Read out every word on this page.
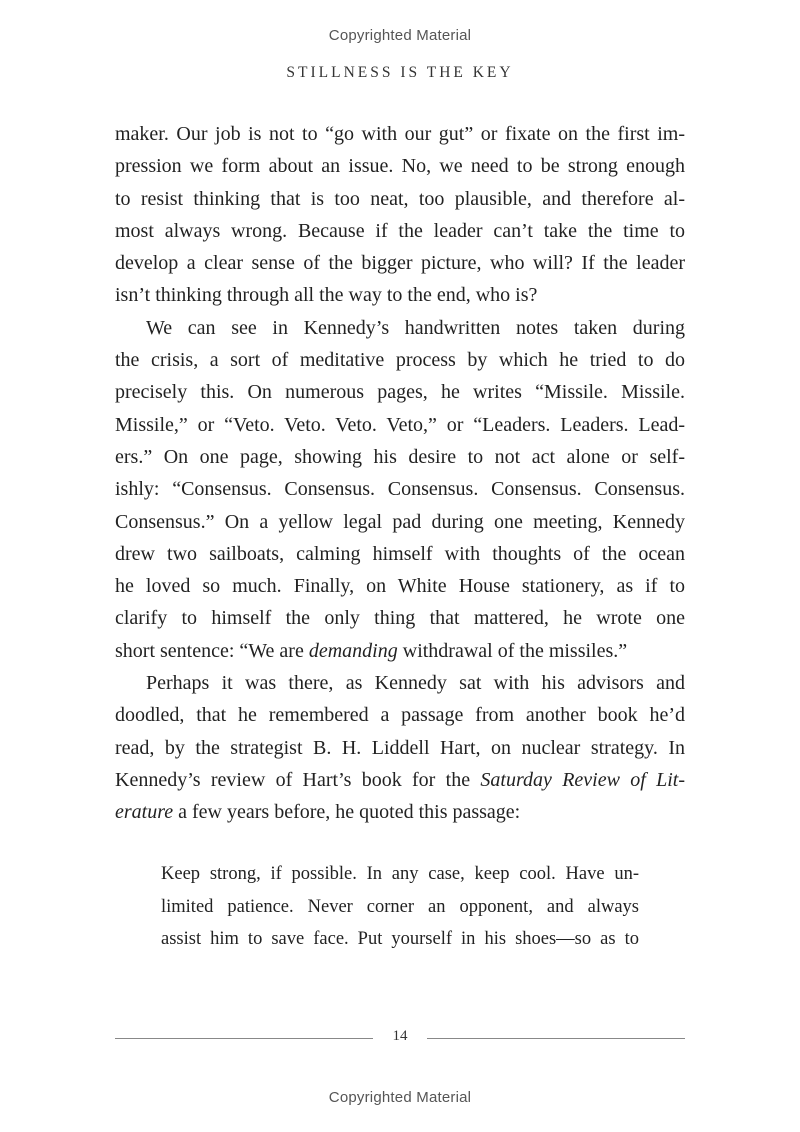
Copyrighted Material
STILLNESS IS THE KEY
maker. Our job is not to “go with our gut” or fixate on the first im-
pression we form about an issue. No, we need to be strong enough
to resist thinking that is too neat, too plausible, and therefore al-
most always wrong. Because if the leader can’t take the time to
develop a clear sense of the bigger picture, who will? If the leader
isn’t thinking through all the way to the end, who is?
We can see in Kennedy’s handwritten notes taken during
the crisis, a sort of meditative process by which he tried to do
precisely this. On numerous pages, he writes “Missile. Missile.
Missile,” or “Veto. Veto. Veto. Veto,” or “Leaders. Leaders. Lead-
ers.” On one page, showing his desire to not act alone or self-
ishly: “Consensus. Consensus. Consensus. Consensus. Consensus.
Consensus.” On a yellow legal pad during one meeting, Kennedy
drew two sailboats, calming himself with thoughts of the ocean
he loved so much. Finally, on White House stationery, as if to
clarify to himself the only thing that mattered, he wrote one
short sentence: “We are demanding withdrawal of the missiles.”
Perhaps it was there, as Kennedy sat with his advisors and
doodled, that he remembered a passage from another book he’d
read, by the strategist B. H. Liddell Hart, on nuclear strategy. In
Kennedy’s review of Hart’s book for the Saturday Review of Lit-
erature a few years before, he quoted this passage:
Keep strong, if possible. In any case, keep cool. Have un-
limited patience. Never corner an opponent, and always
assist him to save face. Put yourself in his shoes—so as to
14
Copyrighted Material
